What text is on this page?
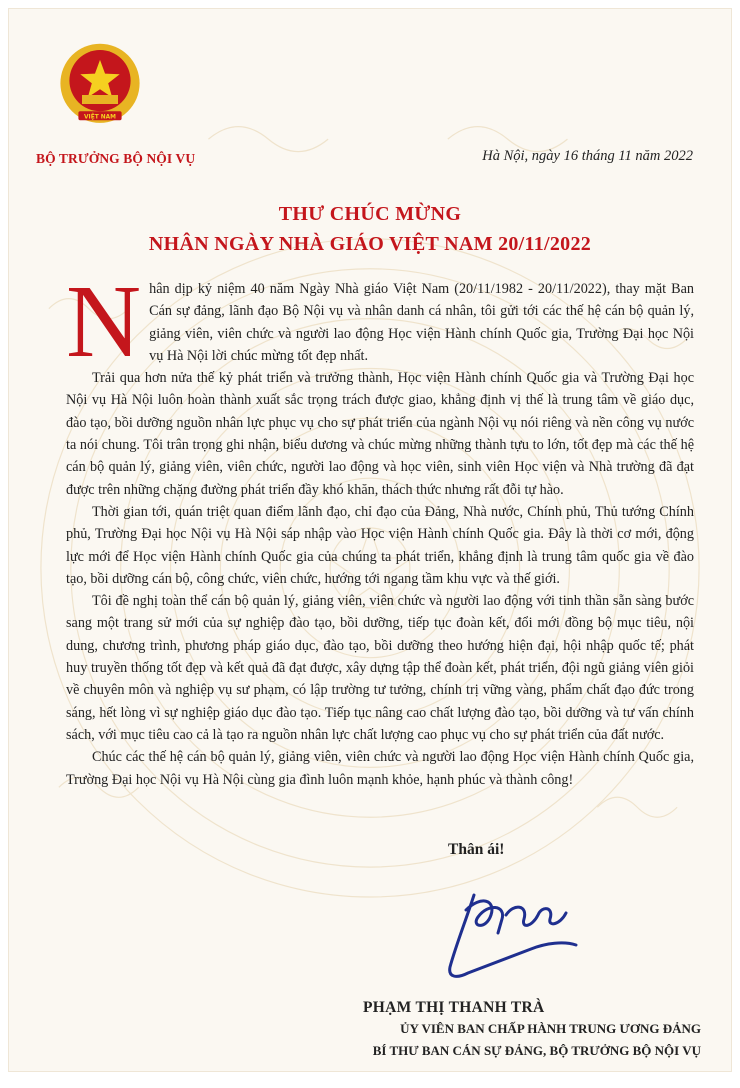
VIỆT NAM
BỘ TRƯỞNG BỘ NỘI VỤ	Hà Nội, ngày 16 tháng 11 năm 2022
THƯ CHÚC MỪNG
NHÂN NGÀY NHÀ GIÁO VIỆT NAM 20/11/2022

Nhân dịp kỷ niệm 40 năm Ngày Nhà giáo Việt Nam (20/11/1982 - 20/11/2022), thay mặt Ban Cán sự đảng, lãnh đạo Bộ Nội vụ và nhân danh cá nhân, tôi gửi tới các thế hệ cán bộ quản lý, giảng viên, viên chức và người lao động Học viện Hành chính Quốc gia, Trường Đại học Nội vụ Hà Nội lời chúc mừng tốt đẹp nhất.

Trải qua hơn nửa thế kỷ phát triển và trưởng thành, Học viện Hành chính Quốc gia và Trường Đại học Nội vụ Hà Nội luôn hoàn thành xuất sắc trọng trách được giao, khẳng định vị thế là trung tâm về giáo dục, đào tạo, bồi dưỡng nguồn nhân lực phục vụ cho sự phát triển của ngành Nội vụ nói riêng và nền công vụ nước ta nói chung. Tôi trân trọng ghi nhận, biểu dương và chúc mừng những thành tựu to lớn, tốt đẹp mà các thế hệ cán bộ quản lý, giảng viên, viên chức, người lao động và học viên, sinh viên Học viện và Nhà trường đã đạt được trên những chặng đường phát triển đầy khó khăn, thách thức nhưng rất đỗi tự hào.

Thời gian tới, quán triệt quan điểm lãnh đạo, chỉ đạo của Đảng, Nhà nước, Chính phủ, Thủ tướng Chính phủ, Trường Đại học Nội vụ Hà Nội sáp nhập vào Học viện Hành chính Quốc gia. Đây là thời cơ mới, động lực mới để Học viện Hành chính Quốc gia của chúng ta phát triển, khẳng định là trung tâm quốc gia về đào tạo, bồi dưỡng cán bộ, công chức, viên chức, hướng tới ngang tầm khu vực và thế giới.

Tôi đề nghị toàn thể cán bộ quản lý, giảng viên, viên chức và người lao động với tinh thần sẵn sàng bước sang một trang sử mới của sự nghiệp đào tạo, bồi dưỡng, tiếp tục đoàn kết, đổi mới đồng bộ mục tiêu, nội dung, chương trình, phương pháp giáo dục, đào tạo, bồi dưỡng theo hướng hiện đại, hội nhập quốc tế; phát huy truyền thống tốt đẹp và kết quả đã đạt được, xây dựng tập thể đoàn kết, phát triển, đội ngũ giảng viên giỏi về chuyên môn và nghiệp vụ sư phạm, có lập trường tư tưởng, chính trị vững vàng, phẩm chất đạo đức trong sáng, hết lòng vì sự nghiệp giáo dục đào tạo. Tiếp tục nâng cao chất lượng đào tạo, bồi dưỡng và tư vấn chính sách, với mục tiêu cao cả là tạo ra nguồn nhân lực chất lượng cao phục vụ cho sự phát triển của đất nước.

Chúc các thế hệ cán bộ quản lý, giảng viên, viên chức và người lao động Học viện Hành chính Quốc gia, Trường Đại học Nội vụ Hà Nội cùng gia đình luôn mạnh khỏe, hạnh phúc và thành công!

Thân ái!
PHẠM THỊ THANH TRÀ
ỦY VIÊN BAN CHẤP HÀNH TRUNG ƯƠNG ĐẢNG
BÍ THƯ BAN CÁN SỰ ĐẢNG, BỘ TRƯỞNG BỘ NỘI VỤ
